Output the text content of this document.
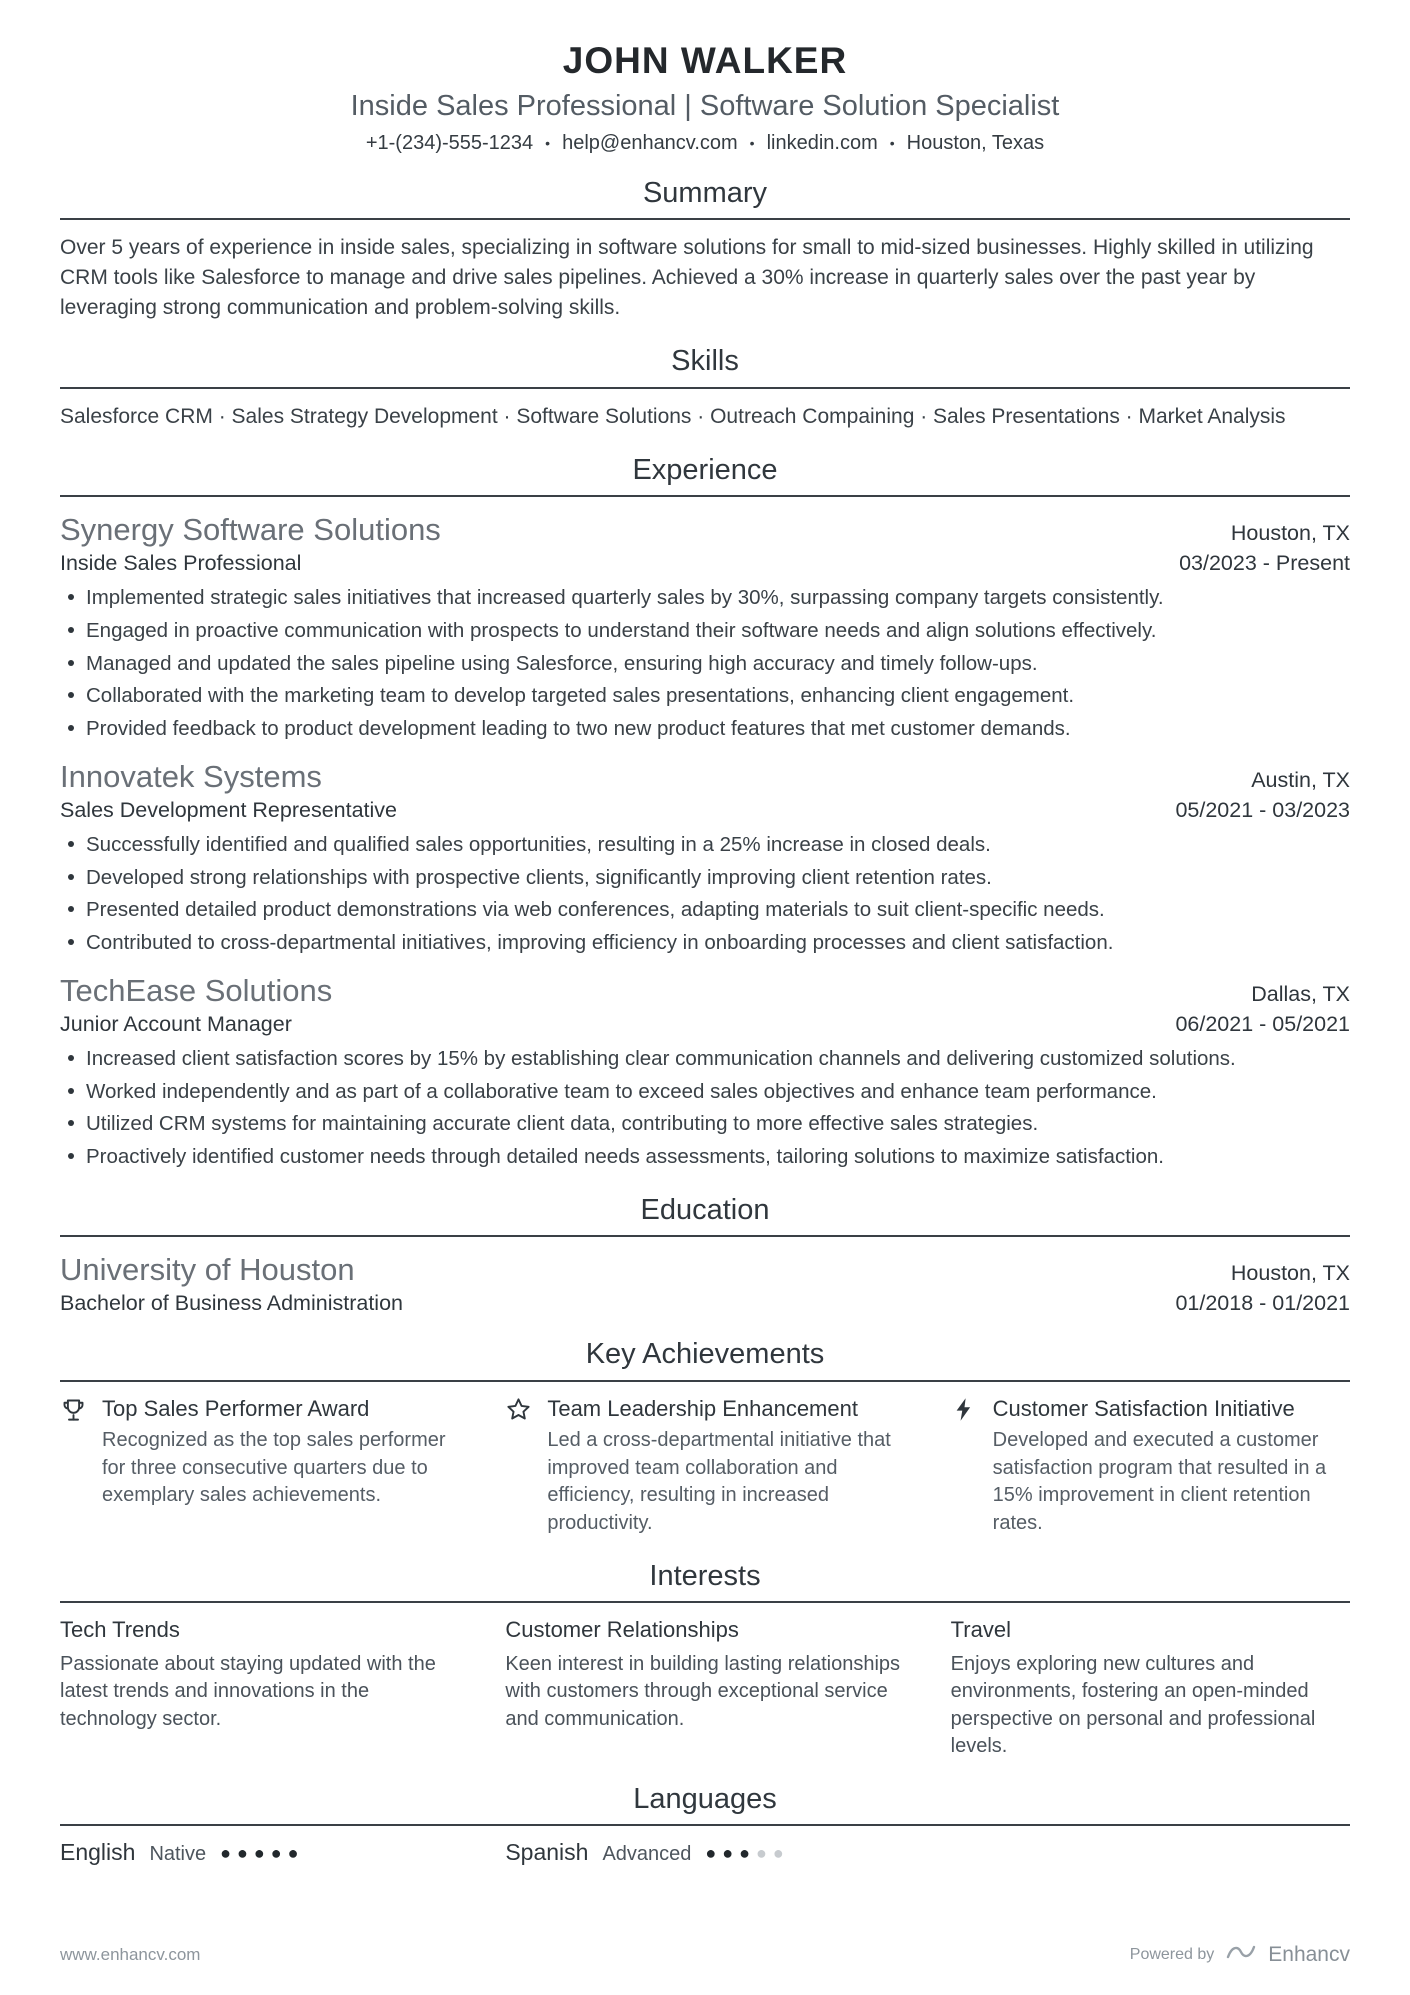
JOHN WALKER
Inside Sales Professional | Software Solution Specialist
+1-(234)-555-1234 • help@enhancv.com • linkedin.com • Houston, Texas
Summary

Over 5 years of experience in inside sales, specializing in software solutions for small to mid-sized businesses. Highly skilled in utilizing CRM tools like Salesforce to manage and drive sales pipelines. Achieved a 30% increase in quarterly sales over the past year by leveraging strong communication and problem-solving skills.

Skills

Salesforce CRM · Sales Strategy Development · Software Solutions · Outreach Compaining · Sales Presentations · Market Analysis

Experience
Synergy Software Solutions	Houston, TX
Inside Sales Professional	03/2023 - Present
Implemented strategic sales initiatives that increased quarterly sales by 30%, surpassing company targets consistently.
Engaged in proactive communication with prospects to understand their software needs and align solutions effectively.
Managed and updated the sales pipeline using Salesforce, ensuring high accuracy and timely follow-ups.
Collaborated with the marketing team to develop targeted sales presentations, enhancing client engagement.
Provided feedback to product development leading to two new product features that met customer demands.
Innovatek Systems	Austin, TX
Sales Development Representative	05/2021 - 03/2023
Successfully identified and qualified sales opportunities, resulting in a 25% increase in closed deals.
Developed strong relationships with prospective clients, significantly improving client retention rates.
Presented detailed product demonstrations via web conferences, adapting materials to suit client-specific needs.
Contributed to cross-departmental initiatives, improving efficiency in onboarding processes and client satisfaction.
TechEase Solutions	Dallas, TX
Junior Account Manager	06/2021 - 05/2021
Increased client satisfaction scores by 15% by establishing clear communication channels and delivering customized solutions.
Worked independently and as part of a collaborative team to exceed sales objectives and enhance team performance.
Utilized CRM systems for maintaining accurate client data, contributing to more effective sales strategies.
Proactively identified customer needs through detailed needs assessments, tailoring solutions to maximize satisfaction.
Education
University of Houston	Houston, TX
Bachelor of Business Administration	01/2018 - 01/2021
Key Achievements
Top Sales Performer Award
Recognized as the top sales performer for three consecutive quarters due to exemplary sales achievements.
Team Leadership Enhancement
Led a cross-departmental initiative that improved team collaboration and efficiency, resulting in increased productivity.
Customer Satisfaction Initiative
Developed and executed a customer satisfaction program that resulted in a 15% improvement in client retention rates.
Interests
Tech Trends
Passionate about staying updated with the latest trends and innovations in the technology sector.
Customer Relationships
Keen interest in building lasting relationships with customers through exceptional service and communication.
Travel
Enjoys exploring new cultures and environments, fostering an open-minded perspective on personal and professional levels.
Languages
English Native ●●●●●	Spanish Advanced ●●●●●
www.enhancv.com	Powered by	Enhancv
